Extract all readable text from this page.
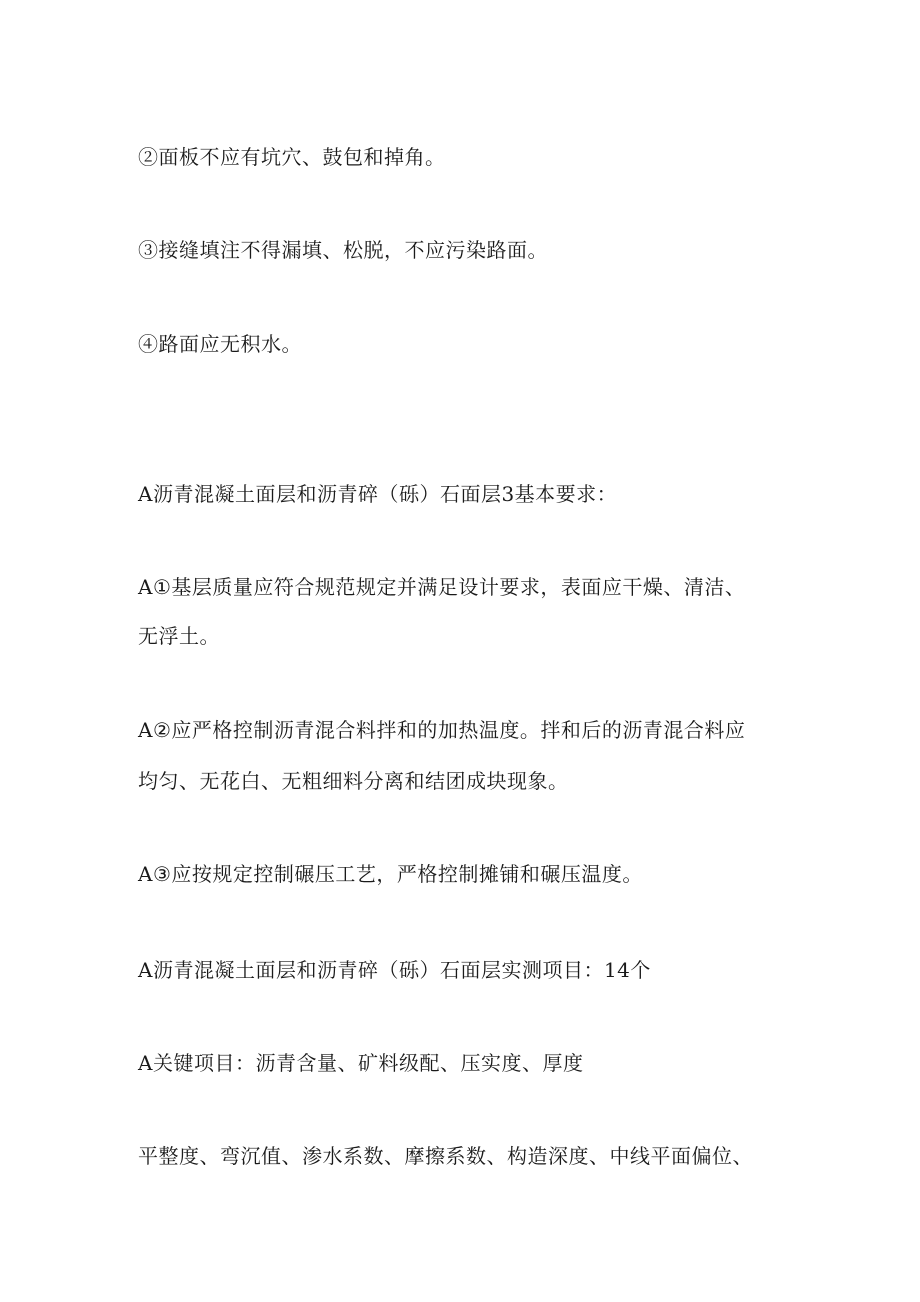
②面板不应有坑穴、鼓包和掉角。
③接缝填注不得漏填、松脱，不应污染路面。
④路面应无积水。
A沥青混凝土面层和沥青碎（砾）石面层3基本要求：
A①基层质量应符合规范规定并满足设计要求，表面应干燥、清洁、
无浮土。
A②应严格控制沥青混合料拌和的加热温度。拌和后的沥青混合料应
均匀、无花白、无粗细料分离和结团成块现象。
A③应按规定控制碾压工艺，严格控制摊铺和碾压温度。
A沥青混凝土面层和沥青碎（砾）石面层实测项目：14个
A关键项目：沥青含量、矿料级配、压实度、厚度
平整度、弯沉值、渗水系数、摩擦系数、构造深度、中线平面偏位、
